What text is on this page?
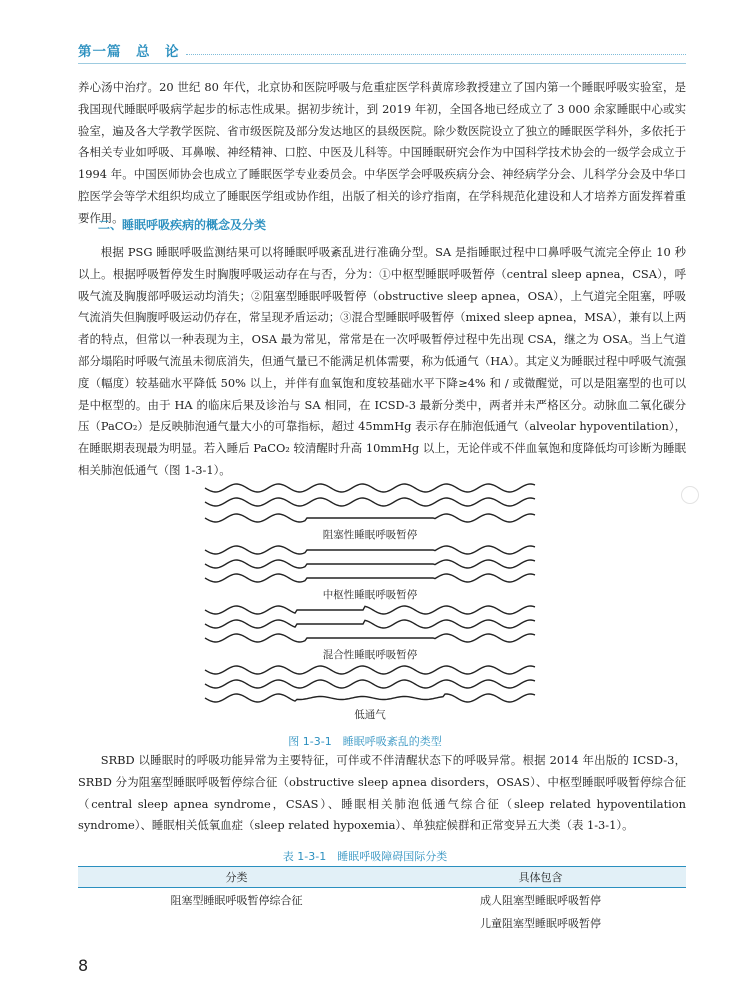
第一篇　总　论
养心汤中治疗。20 世纪 80 年代，北京协和医院呼吸与危重症医学科黄席珍教授建立了国内第一个睡眠呼吸实验室，是我国现代睡眠呼吸病学起步的标志性成果。据初步统计，到 2019 年初，全国各地已经成立了 3 000 余家睡眠中心或实验室，遍及各大学教学医院、省市级医院及部分发达地区的县级医院。除少数医院设立了独立的睡眠医学科外，多依托于各相关专业如呼吸、耳鼻喉、神经精神、口腔、中医及儿科等。中国睡眠研究会作为中国科学技术协会的一级学会成立于 1994 年。中国医师协会也成立了睡眠医学专业委员会。中华医学会呼吸疾病分会、神经病学分会、儿科学分会及中华口腔医学会等学术组织均成立了睡眠医学组或协作组，出版了相关的诊疗指南，在学科规范化建设和人才培养方面发挥着重要作用。
二、睡眠呼吸疾病的概念及分类
根据 PSG 睡眠呼吸监测结果可以将睡眠呼吸紊乱进行准确分型。SA 是指睡眠过程中口鼻呼吸气流完全停止 10 秒以上。根据呼吸暂停发生时胸腹呼吸运动存在与否，分为：①中枢型睡眠呼吸暂停（central sleep apnea，CSA），呼吸气流及胸腹部呼吸运动均消失；②阻塞型睡眠呼吸暂停（obstructive sleep apnea，OSA），上气道完全阻塞，呼吸气流消失但胸腹呼吸运动仍存在，常呈现矛盾运动；③混合型睡眠呼吸暂停（mixed sleep apnea，MSA），兼有以上两者的特点，但常以一种表现为主，OSA 最为常见，常常是在一次呼吸暂停过程中先出现 CSA，继之为 OSA。当上气道部分塌陷时呼吸气流虽未彻底消失，但通气量已不能满足机体需要，称为低通气（HA）。其定义为睡眠过程中呼吸气流强度（幅度）较基础水平降低 50% 以上，并伴有血氧饱和度较基础水平下降≥4% 和 / 或微醒觉，可以是阻塞型的也可以是中枢型的。由于 HA 的临床后果及诊治与 SA 相同，在 ICSD-3 最新分类中，两者并未严格区分。动脉血二氧化碳分压（PaCO₂）是反映肺泡通气量大小的可靠指标，超过 45mmHg 表示存在肺泡低通气（alveolar hypoventilation），在睡眠期表现最为明显。若入睡后 PaCO₂ 较清醒时升高 10mmHg 以上，无论伴或不伴血氧饱和度降低均可诊断为睡眠相关肺泡低通气（图 1-3-1）。
阻塞性睡眠呼吸暂停
中枢性睡眠呼吸暂停
混合性睡眠呼吸暂停
低通气
图 1-3-1　睡眠呼吸紊乱的类型
SRBD 以睡眠时的呼吸功能异常为主要特征，可伴或不伴清醒状态下的呼吸异常。根据 2014 年出版的 ICSD-3，SRBD 分为阻塞型睡眠呼吸暂停综合征（obstructive sleep apnea disorders，OSAS）、中枢型睡眠呼吸暂停综合征（central sleep apnea syndrome，CSAS）、睡眠相关肺泡低通气综合征（sleep related hypoventilation syndrome）、睡眠相关低氧血症（sleep related hypoxemia）、单独症候群和正常变异五大类（表 1-3-1）。
表 1-3-1　睡眠呼吸障碍国际分类
分类	具体包含
阻塞型睡眠呼吸暂停综合征	成人阻塞型睡眠呼吸暂停
	儿童阻塞型睡眠呼吸暂停
8
